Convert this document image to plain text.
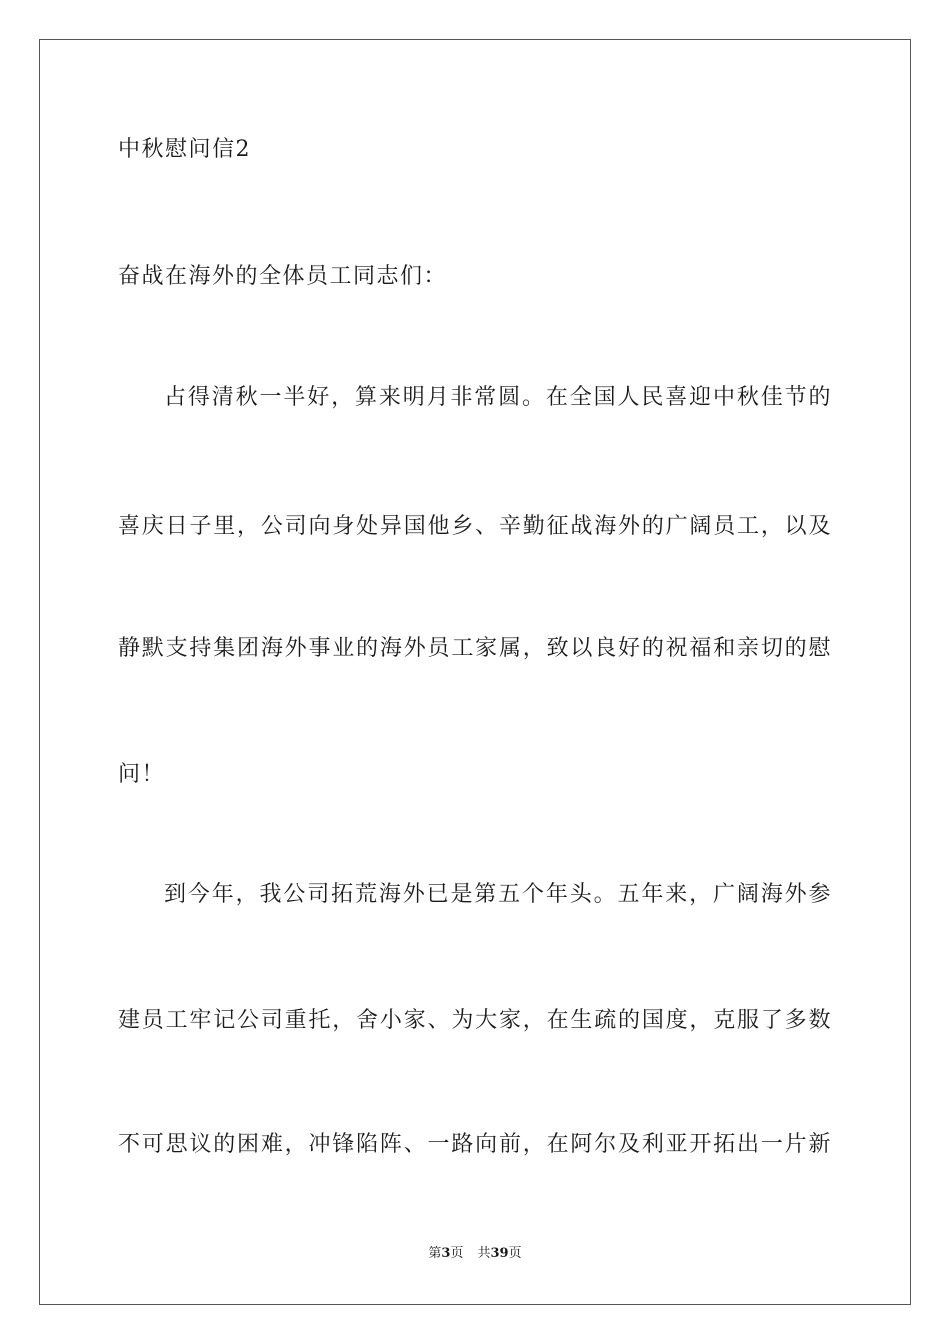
中秋慰问信2
奋战在海外的全体员工同志们：
占得清秋一半好，算来明月非常圆。在全国人民喜迎中秋佳节的
喜庆日子里，公司向身处异国他乡、辛勤征战海外的广阔员工，以及
静默支持集团海外事业的海外员工家属，致以良好的祝福和亲切的慰
问！
到今年，我公司拓荒海外已是第五个年头。五年来，广阔海外参
建员工牢记公司重托，舍小家、为大家，在生疏的国度，克服了多数
不可思议的困难，冲锋陷阵、一路向前，在阿尔及利亚开拓出一片新
第3页 共39页
